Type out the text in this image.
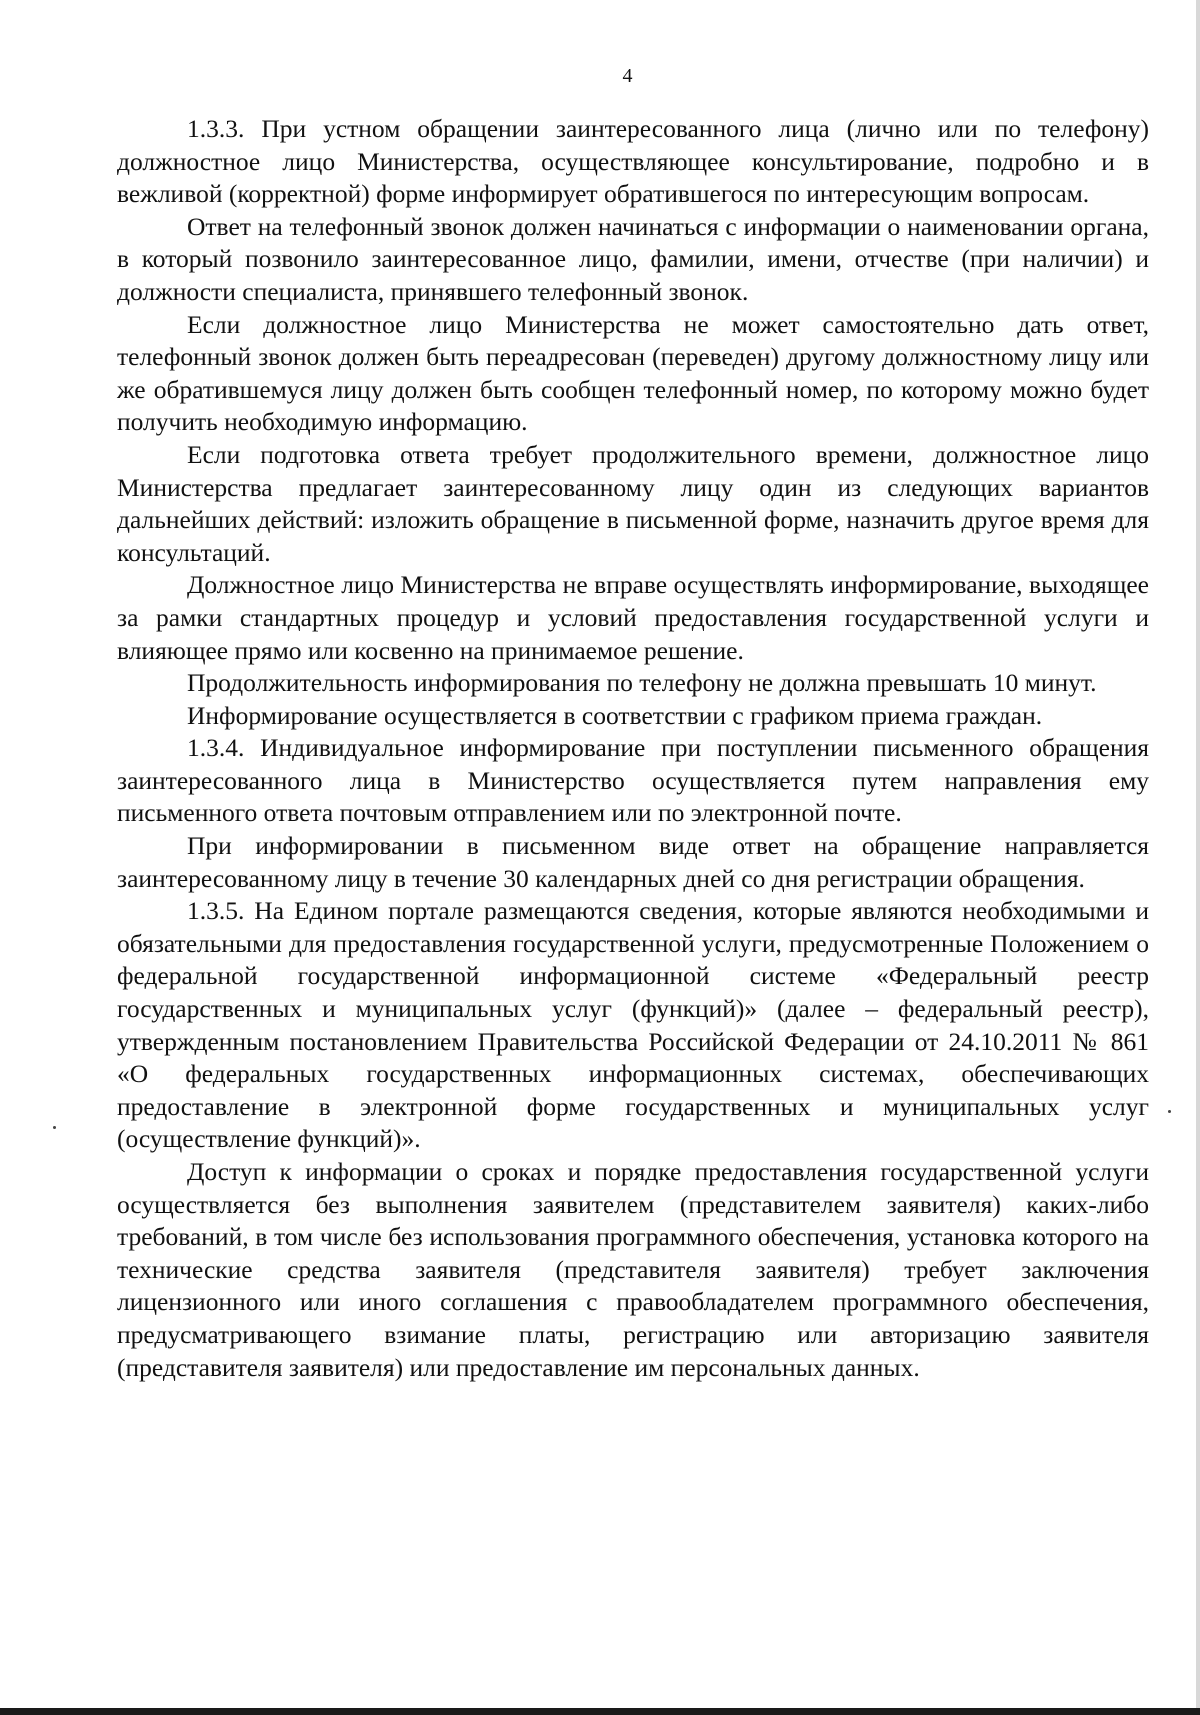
4

1.3.3. При устном обращении заинтересованного лица (лично или по телефону) должностное лицо Министерства, осуществляющее консультирование, подробно и в вежливой (корректной) форме информирует обратившегося по интересующим вопросам.

Ответ на телефонный звонок должен начинаться с информации о наименовании органа, в который позвонило заинтересованное лицо, фамилии, имени, отчестве (при наличии) и должности специалиста, принявшего телефонный звонок.

Если должностное лицо Министерства не может самостоятельно дать ответ, телефонный звонок должен быть переадресован (переведен) другому должностному лицу или же обратившемуся лицу должен быть сообщен телефонный номер, по которому можно будет получить необходимую информацию.

Если подготовка ответа требует продолжительного времени, должностное лицо Министерства предлагает заинтересованному лицу один из следующих вариантов дальнейших действий: изложить обращение в письменной форме, назначить другое время для консультаций.

Должностное лицо Министерства не вправе осуществлять информирование, выходящее за рамки стандартных процедур и условий предоставления государственной услуги и влияющее прямо или косвенно на принимаемое решение.

Продолжительность информирования по телефону не должна превышать 10 минут.

Информирование осуществляется в соответствии с графиком приема граждан.

1.3.4. Индивидуальное информирование при поступлении письменного обращения заинтересованного лица в Министерство осуществляется путем направления ему письменного ответа почтовым отправлением или по электронной почте.

При информировании в письменном виде ответ на обращение направляется заинтересованному лицу в течение 30 календарных дней со дня регистрации обращения.

1.3.5. На Едином портале размещаются сведения, которые являются необходимыми и обязательными для предоставления государственной услуги, предусмотренные Положением о федеральной государственной информационной системе «Федеральный реестр государственных и муниципальных услуг (функций)» (далее – федеральный реестр), утвержденным постановлением Правительства Российской Федерации от 24.10.2011 № 861 «О федеральных государственных информационных системах, обеспечивающих предоставление в электронной форме государственных и муниципальных услуг (осуществление функций)».

Доступ к информации о сроках и порядке предоставления государственной услуги осуществляется без выполнения заявителем (представителем заявителя) каких-либо требований, в том числе без использования программного обеспечения, установка которого на технические средства заявителя (представителя заявителя) требует заключения лицензионного или иного соглашения с правообладателем программного обеспечения, предусматривающего взимание платы, регистрацию или авторизацию заявителя (представителя заявителя) или предоставление им персональных данных.
